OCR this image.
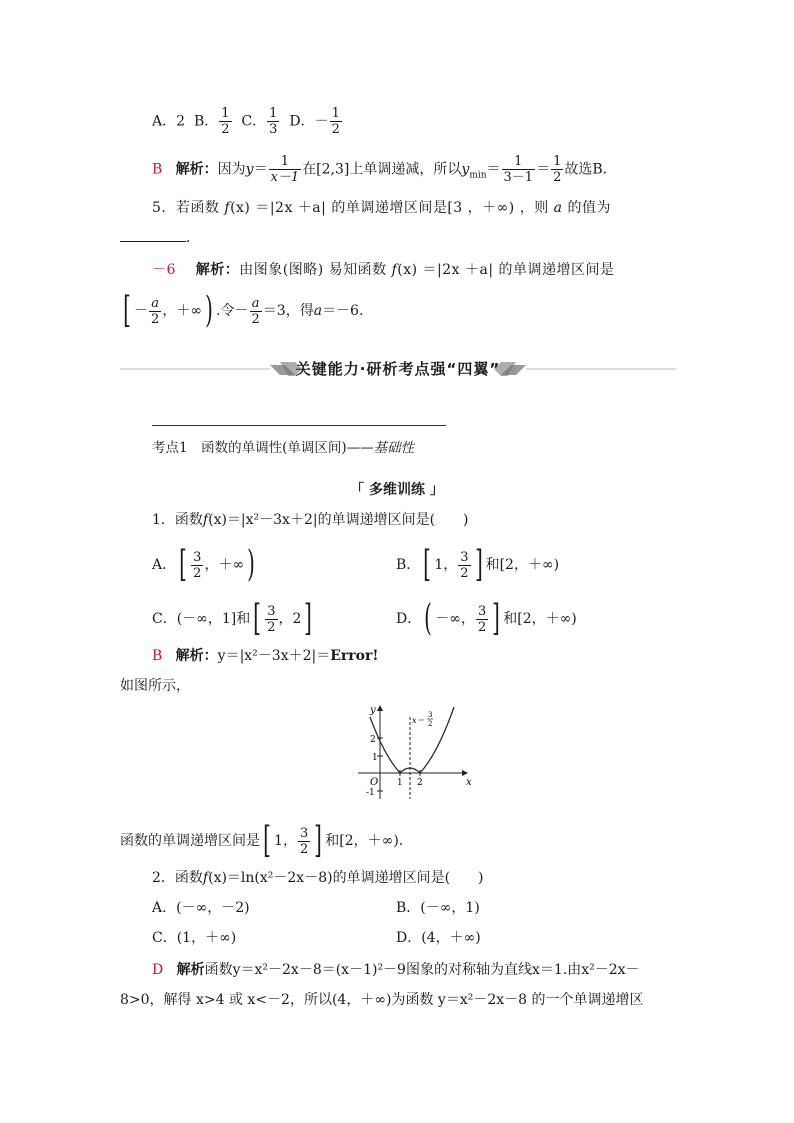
A．2 B． $\frac{1}{2}$ C． $\frac{1}{3}$ D．－ $\frac{1}{2}$
B 解析：因为$y= \frac{1}{x-1}$ 在[2,3]上单调递减，所以$y_{min}= \frac{1}{3-1} = \frac{1}{2}$ 故选B．
5．若函数 f(x) ＝|2x ＋a| 的单调递增区间是[3 ，＋∞) ，则 a 的值为
．
－6 解析：由图象(图略) 易知函数 f(x) ＝|2x ＋a| 的单调递增区间是
[ － $\frac{a}{2}$ ，＋∞) .令－ $\frac{a}{2} =3$，得a＝－6.
关键能力·研析考点强“四翼”
考点1　函数的单调性(单调区间)——基础性
「 多维训练 」
1．函数f(x)＝|x²－3x＋2|的单调递增区间是(　　)
A．[ $\frac{3}{2}$ ，＋∞)	B．[ 1， $\frac{3}{2}$ ] 和[2，＋∞)
C．(－∞，1]和[ $\frac{3}{2}$ ，2]	D．( －∞， $\frac{3}{2}$ ] 和[2，＋∞)
B 解析：y＝|x²－3x＋2|＝Error!
如图所示，
y
x
O
2
1
-1
1 2
x＝
3
2
函数的单调递增区间是[ 1， $\frac{3}{2}$ ] 和[2，＋∞).
2．函数f(x)＝ln(x²－2x－8)的单调递增区间是(　　)
A．(－∞，－2)	B．(－∞，1)
C．(1，＋∞)	D．(4，＋∞)
D 解析函数y＝x²－2x－8＝(x－1)²－9图象的对称轴为直线x＝1.由x²－2x－
8>0，解得 x>4 或 x<－2，所以(4，＋∞)为函数 y＝x²－2x－8 的一个单调递增区
